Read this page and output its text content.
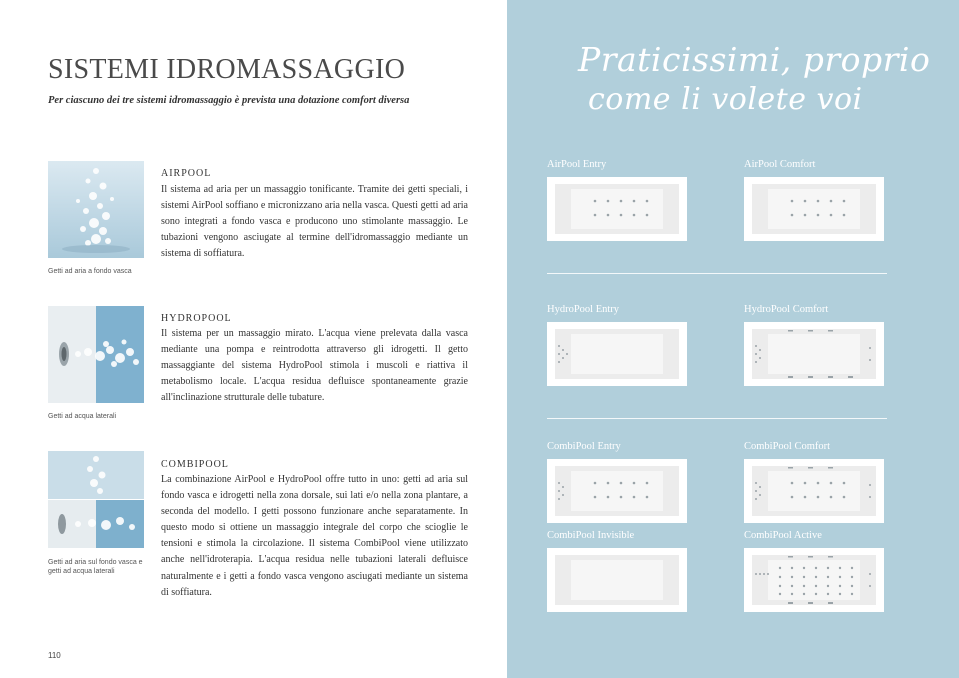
SISTEMI IDROMASSAGGIO
Per ciascuno dei tre sistemi idromassaggio è prevista una dotazione comfort diversa
Getti ad aria a fondo vasca
AIRPOOL
Il sistema ad aria per un massaggio tonificante. Tramite dei getti speciali, i sistemi AirPool soffiano e micronizzano aria nella vasca. Questi getti ad aria sono integrati a fondo vasca e producono uno stimolante massaggio. Le tubazioni vengono asciugate al termine dell'idromassaggio mediante un sistema di soffiatura.
Getti ad acqua laterali
HYDROPOOL
Il sistema per un massaggio mirato. L'acqua viene prelevata dalla vasca mediante una pompa e reintrodotta attraverso gli idrogetti. Il getto massaggiante del sistema HydroPool stimola i muscoli e riattiva il metabolismo locale. L'acqua residua defluisce spontaneamente grazie all'inclinazione strutturale delle tubature.
Getti ad aria sul fondo vasca e getti ad acqua laterali
COMBIPOOL
La combinazione AirPool e HydroPool offre tutto in uno: getti ad aria sul fondo vasca e idrogetti nella zona dorsale, sui lati e/o nella zona plantare, a seconda del modello. I getti possono funzionare anche separatamente. In questo modo si ottiene un massaggio integrale del corpo che scioglie le tensioni e stimola la circolazione. Il sistema CombiPool viene utilizzato anche nell'idroterapia. L'acqua residua nelle tubazioni laterali defluisce naturalmente e i getti a fondo vasca vengono asciugati mediante un sistema di soffiatura.
110
Praticissimi, proprio
come li volete voi
AirPool Entry	AirPool Comfort
HydroPool Entry	HydroPool Comfort
CombiPool Entry	CombiPool Comfort
CombiPool Invisible	CombiPool Active
